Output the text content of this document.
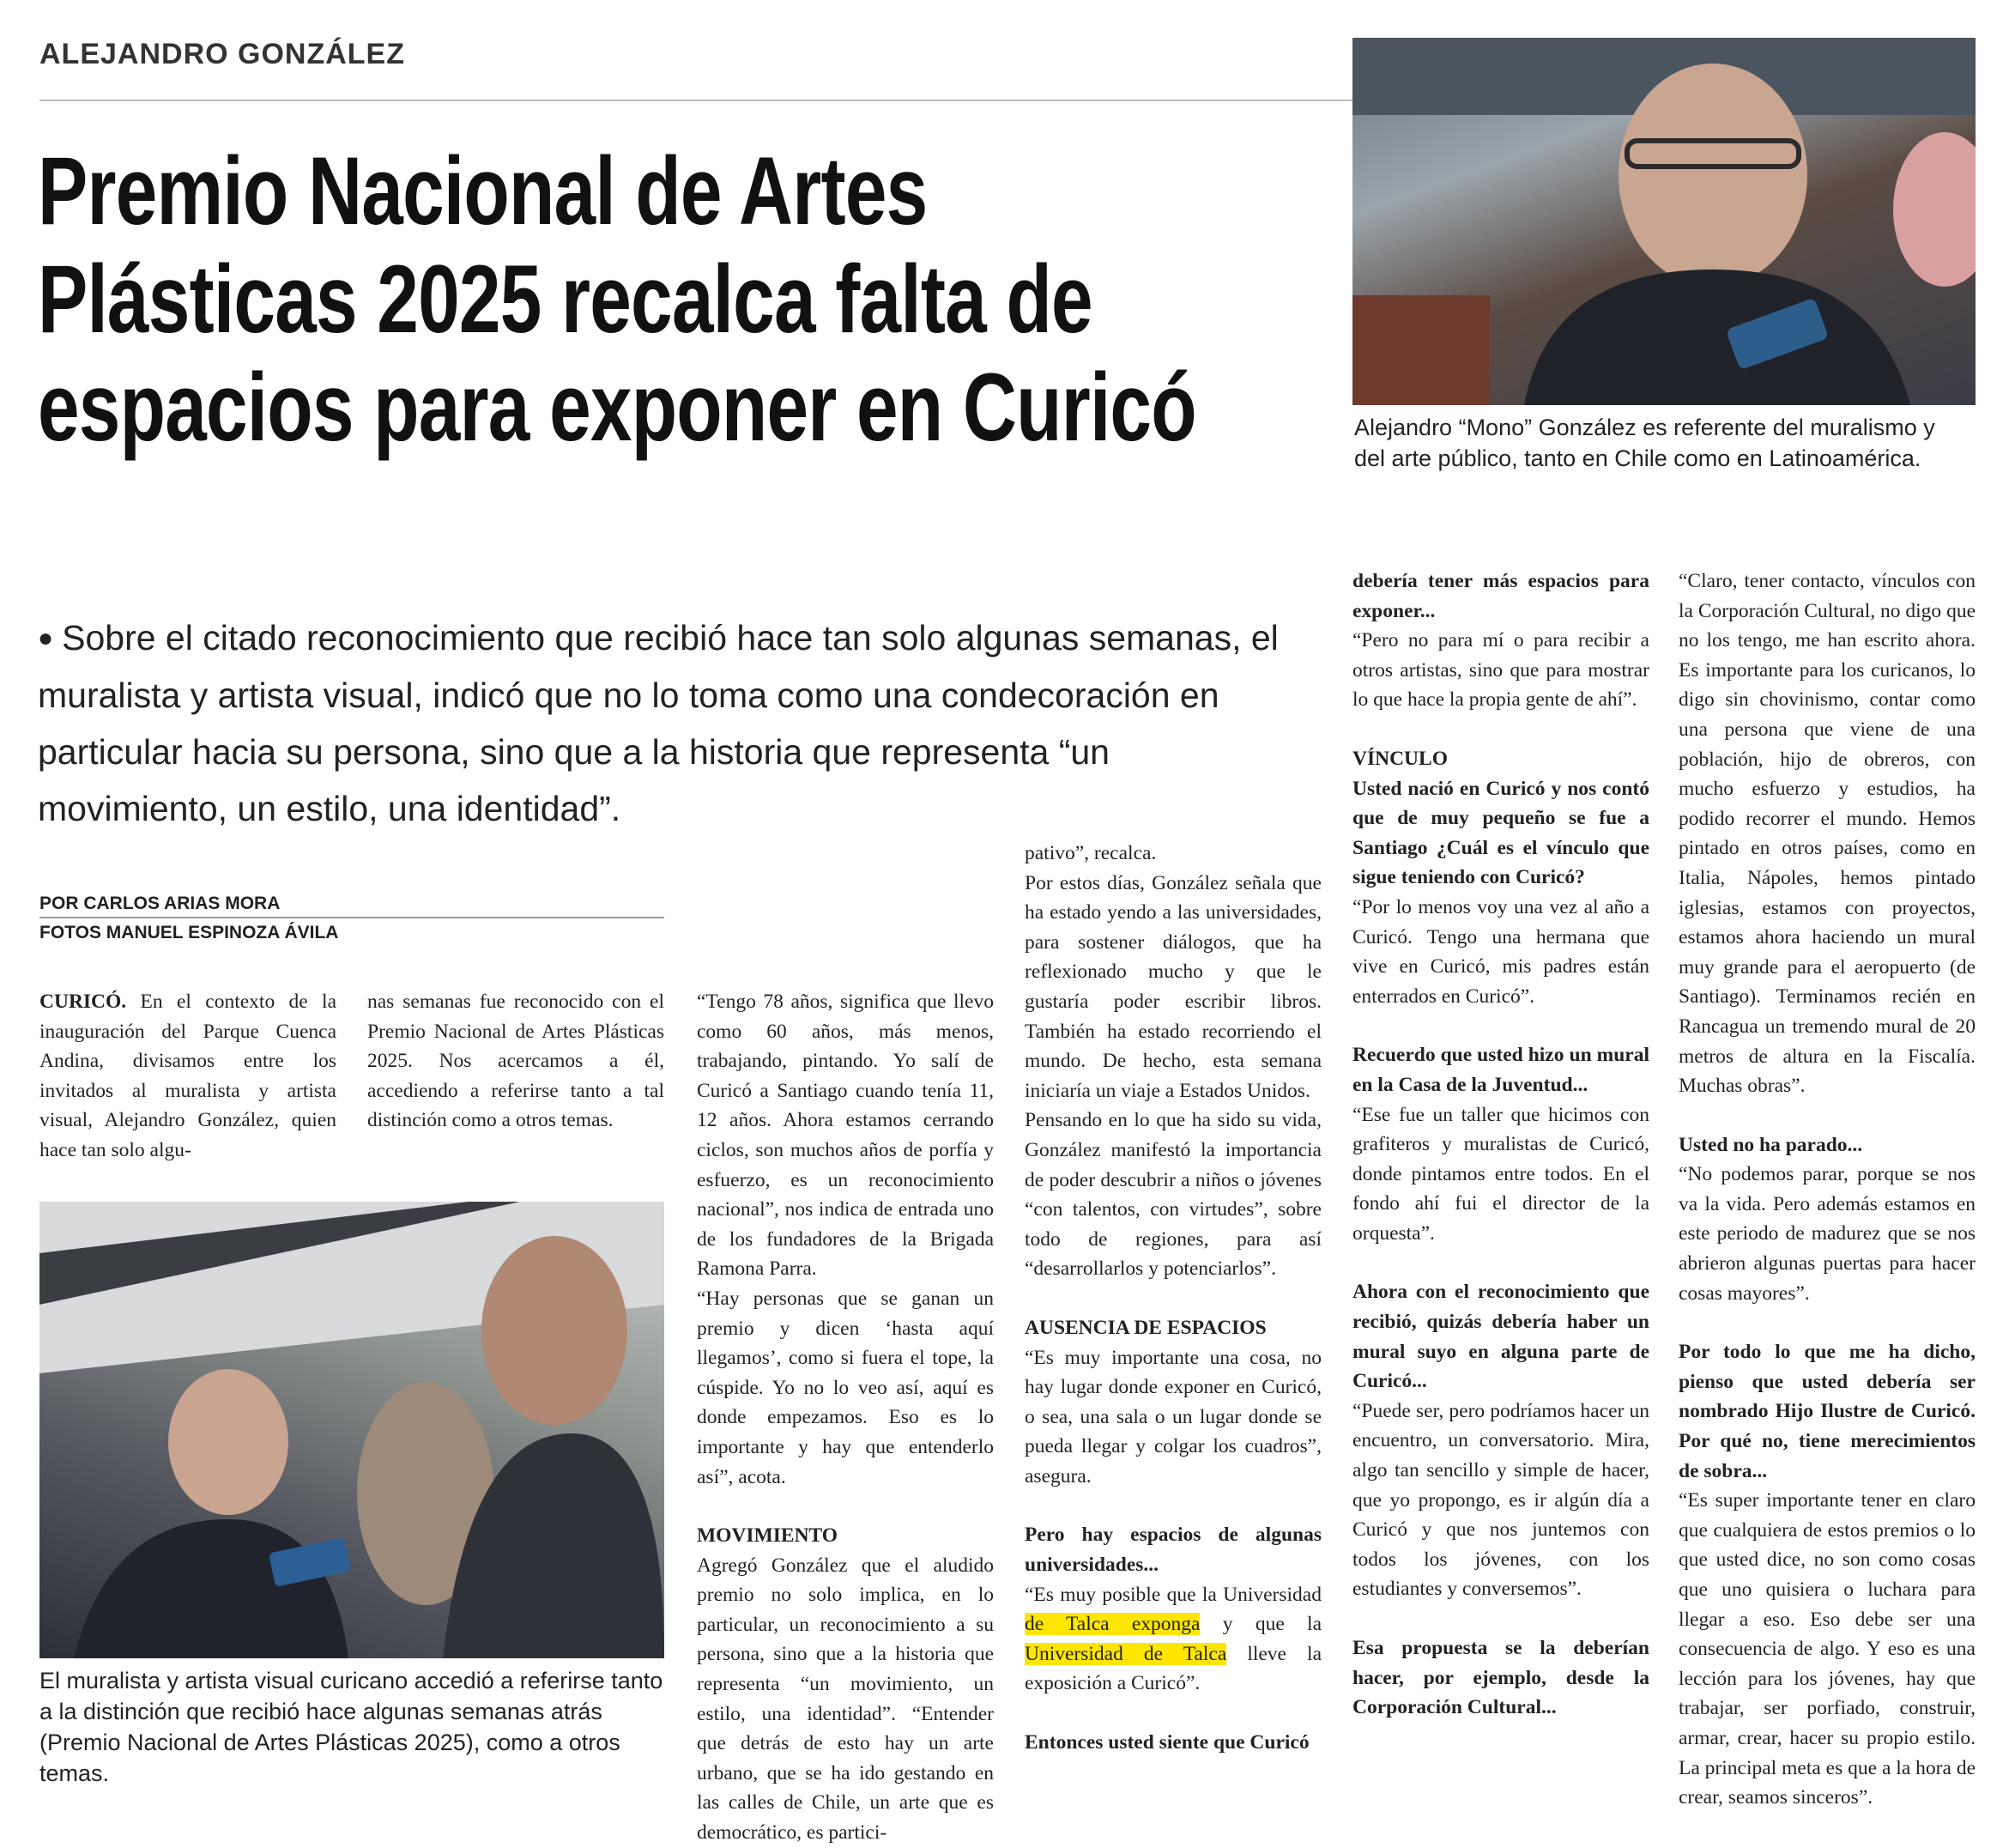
ALEJANDRO GONZÁLEZ
Premio Nacional de Artes
Plásticas 2025 recalca falta de
espacios para exponer en Curicó
● Sobre el citado reconocimiento que recibió hace tan solo algunas semanas, el muralista y artista visual, indicó que no lo toma como una condecoración en particular hacia su persona, sino que a la historia que representa “un movimiento, un estilo, una identidad”.
POR CARLOS ARIAS MORA
FOTOS MANUEL ESPINOZA ÁVILA
Alejandro “Mono” González es referente del muralismo y del arte público, tanto en Chile como en Latinoamérica.
El muralista y artista visual curicano accedió a referirse tanto a la distinción que recibió hace algunas semanas atrás (Premio Nacional de Artes Plásticas 2025), como a otros temas.

CURICÓ. En el contexto de la inauguración del Parque Cuenca Andina, divisamos entre los invitados al muralista y artista visual, Alejandro González, quien hace tan solo algu-

nas semanas fue reconocido con el Premio Nacional de Artes Plásticas 2025. Nos acercamos a él, accediendo a referirse tanto a tal distinción como a otros temas.

“Tengo 78 años, significa que llevo como 60 años, más menos, trabajando, pintando. Yo salí de Curicó a Santiago cuando tenía 11, 12 años. Ahora estamos cerrando ciclos, son muchos años de porfía y esfuerzo, es un reconocimiento nacional”, nos indica de entrada uno de los fundadores de la Brigada Ramona Parra.

“Hay personas que se ganan un premio y dicen ‘hasta aquí llegamos’, como si fuera el tope, la cúspide. Yo no lo veo así, aquí es donde empezamos. Eso es lo importante y hay que entenderlo así”, acota.

MOVIMIENTO

Agregó González que el aludido premio no solo implica, en lo particular, un reconocimiento a su persona, sino que a la historia que representa “un movimiento, un estilo, una identidad”. “Entender que detrás de esto hay un arte urbano, que se ha ido gestando en las calles de Chile, un arte que es democrático, es partici-

pativo”, recalca.

Por estos días, González señala que ha estado yendo a las universidades, para sostener diálogos, que ha reflexionado mucho y que le gustaría poder escribir libros. También ha estado recorriendo el mundo. De hecho, esta semana iniciaría un viaje a Estados Unidos.

Pensando en lo que ha sido su vida, González manifestó la importancia de poder descubrir a niños o jóvenes “con talentos, con virtudes”, sobre todo de regiones, para así “desarrollarlos y potenciarlos”.

AUSENCIA DE ESPACIOS

“Es muy importante una cosa, no hay lugar donde exponer en Curicó, o sea, una sala o un lugar donde se pueda llegar y colgar los cuadros”, asegura.

Pero hay espacios de algunas universidades...

“Es muy posible que la Universidad de Talca exponga y que la Universidad de Talca lleve la exposición a Curicó”.

Entonces usted siente que Curicó

debería tener más espacios para exponer...

“Pero no para mí o para recibir a otros artistas, sino que para mostrar lo que hace la propia gente de ahí”.

VÍNCULO

Usted nació en Curicó y nos contó que de muy pequeño se fue a Santiago ¿Cuál es el vínculo que sigue teniendo con Curicó?

“Por lo menos voy una vez al año a Curicó. Tengo una hermana que vive en Curicó, mis padres están enterrados en Curicó”.

Recuerdo que usted hizo un mural en la Casa de la Juventud...

“Ese fue un taller que hicimos con grafiteros y muralistas de Curicó, donde pintamos entre todos. En el fondo ahí fui el director de la orquesta”.

Ahora con el reconocimiento que recibió, quizás debería haber un mural suyo en alguna parte de Curicó...

“Puede ser, pero podríamos hacer un encuentro, un conversatorio. Mira, algo tan sencillo y simple de hacer, que yo propongo, es ir algún día a Curicó y que nos juntemos con todos los jóvenes, con los estudiantes y conversemos”.

Esa propuesta se la deberían hacer, por ejemplo, desde la Corporación Cultural...

“Claro, tener contacto, vínculos con la Corporación Cultural, no digo que no los tengo, me han escrito ahora. Es importante para los curicanos, lo digo sin chovinismo, contar como una persona que viene de una población, hijo de obreros, con mucho esfuerzo y estudios, ha podido recorrer el mundo. Hemos pintado en otros países, como en Italia, Nápoles, hemos pintado iglesias, estamos con proyectos, estamos ahora haciendo un mural muy grande para el aeropuerto (de Santiago). Terminamos recién en Rancagua un tremendo mural de 20 metros de altura en la Fiscalía. Muchas obras”.

Usted no ha parado...

“No podemos parar, porque se nos va la vida. Pero además estamos en este periodo de madurez que se nos abrieron algunas puertas para hacer cosas mayores”.

Por todo lo que me ha dicho, pienso que usted debería ser nombrado Hijo Ilustre de Curicó. Por qué no, tiene merecimientos de sobra...

“Es super importante tener en claro que cualquiera de estos premios o lo que usted dice, no son como cosas que uno quisiera o luchara para llegar a eso. Eso debe ser una consecuencia de algo. Y eso es una lección para los jóvenes, hay que trabajar, ser porfiado, construir, armar, crear, hacer su propio estilo. La principal meta es que a la hora de crear, seamos sinceros”.
